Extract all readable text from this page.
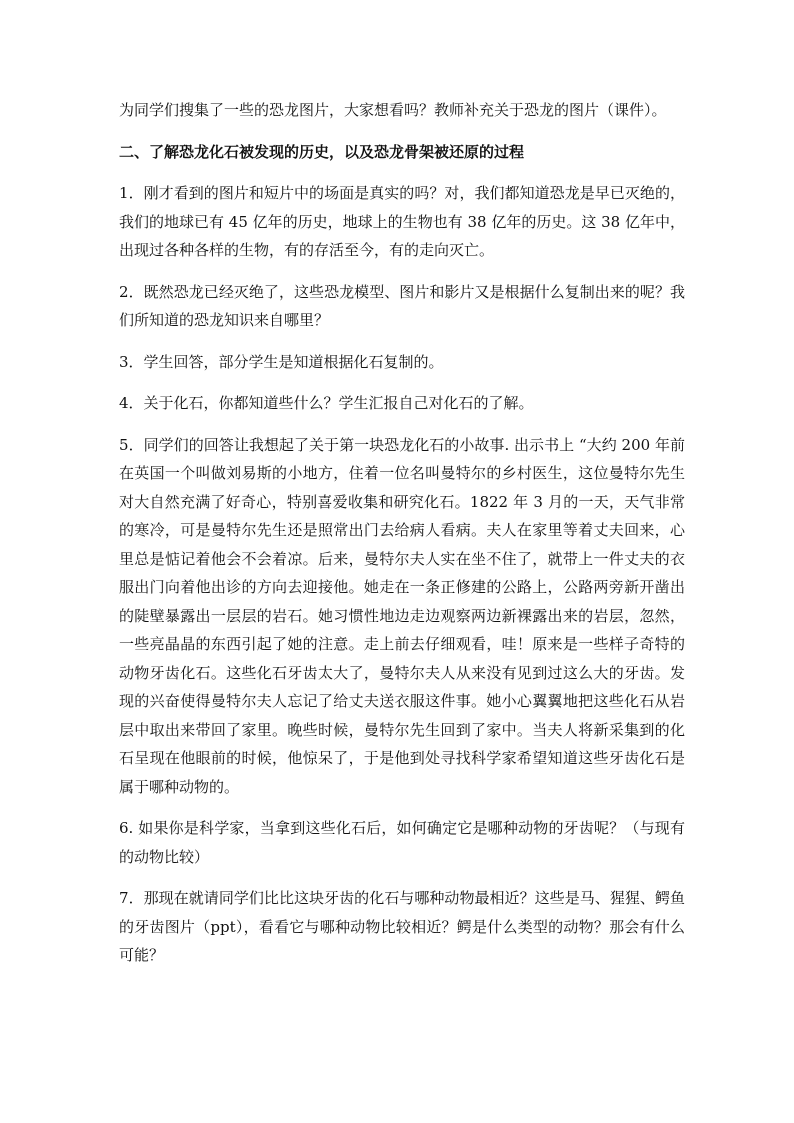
为同学们搜集了一些的恐龙图片，大家想看吗？教师补充关于恐龙的图片（课件）。

二、了解恐龙化石被发现的历史，以及恐龙骨架被还原的过程

1．刚才看到的图片和短片中的场面是真实的吗？对，我们都知道恐龙是早已灭绝的，我们的地球已有 45 亿年的历史，地球上的生物也有 38 亿年的历史。这 38 亿年中，出现过各种各样的生物，有的存活至今，有的走向灭亡。

2．既然恐龙已经灭绝了，这些恐龙模型、图片和影片又是根据什么复制出来的呢？我们所知道的恐龙知识来自哪里？

3．学生回答，部分学生是知道根据化石复制的。

4．关于化石，你都知道些什么？学生汇报自己对化石的了解。

5．同学们的回答让我想起了关于第一块恐龙化石的小故事. 出示书上 “大约 200 年前在英国一个叫做刘易斯的小地方，住着一位名叫曼特尔的乡村医生，这位曼特尔先生对大自然充满了好奇心，特别喜爱收集和研究化石。1822 年 3 月的一天，天气非常的寒冷，可是曼特尔先生还是照常出门去给病人看病。夫人在家里等着丈夫回来，心里总是惦记着他会不会着凉。后来，曼特尔夫人实在坐不住了，就带上一件丈夫的衣服出门向着他出诊的方向去迎接他。她走在一条正修建的公路上，公路两旁新开凿出的陡壁暴露出一层层的岩石。她习惯性地边走边观察两边新裸露出来的岩层，忽然，一些亮晶晶的东西引起了她的注意。走上前去仔细观看，哇！原来是一些样子奇特的动物牙齿化石。这些化石牙齿太大了，曼特尔夫人从来没有见到过这么大的牙齿。发现的兴奋使得曼特尔夫人忘记了给丈夫送衣服这件事。她小心翼翼地把这些化石从岩层中取出来带回了家里。晚些时候，曼特尔先生回到了家中。当夫人将新采集到的化石呈现在他眼前的时候，他惊呆了，于是他到处寻找科学家希望知道这些牙齿化石是属于哪种动物的。

6. 如果你是科学家，当拿到这些化石后，如何确定它是哪种动物的牙齿呢？（与现有的动物比较）

7．那现在就请同学们比比这块牙齿的化石与哪种动物最相近？这些是马、猩猩、鳄鱼的牙齿图片（ppt），看看它与哪种动物比较相近？鳄是什么类型的动物？那会有什么可能？
